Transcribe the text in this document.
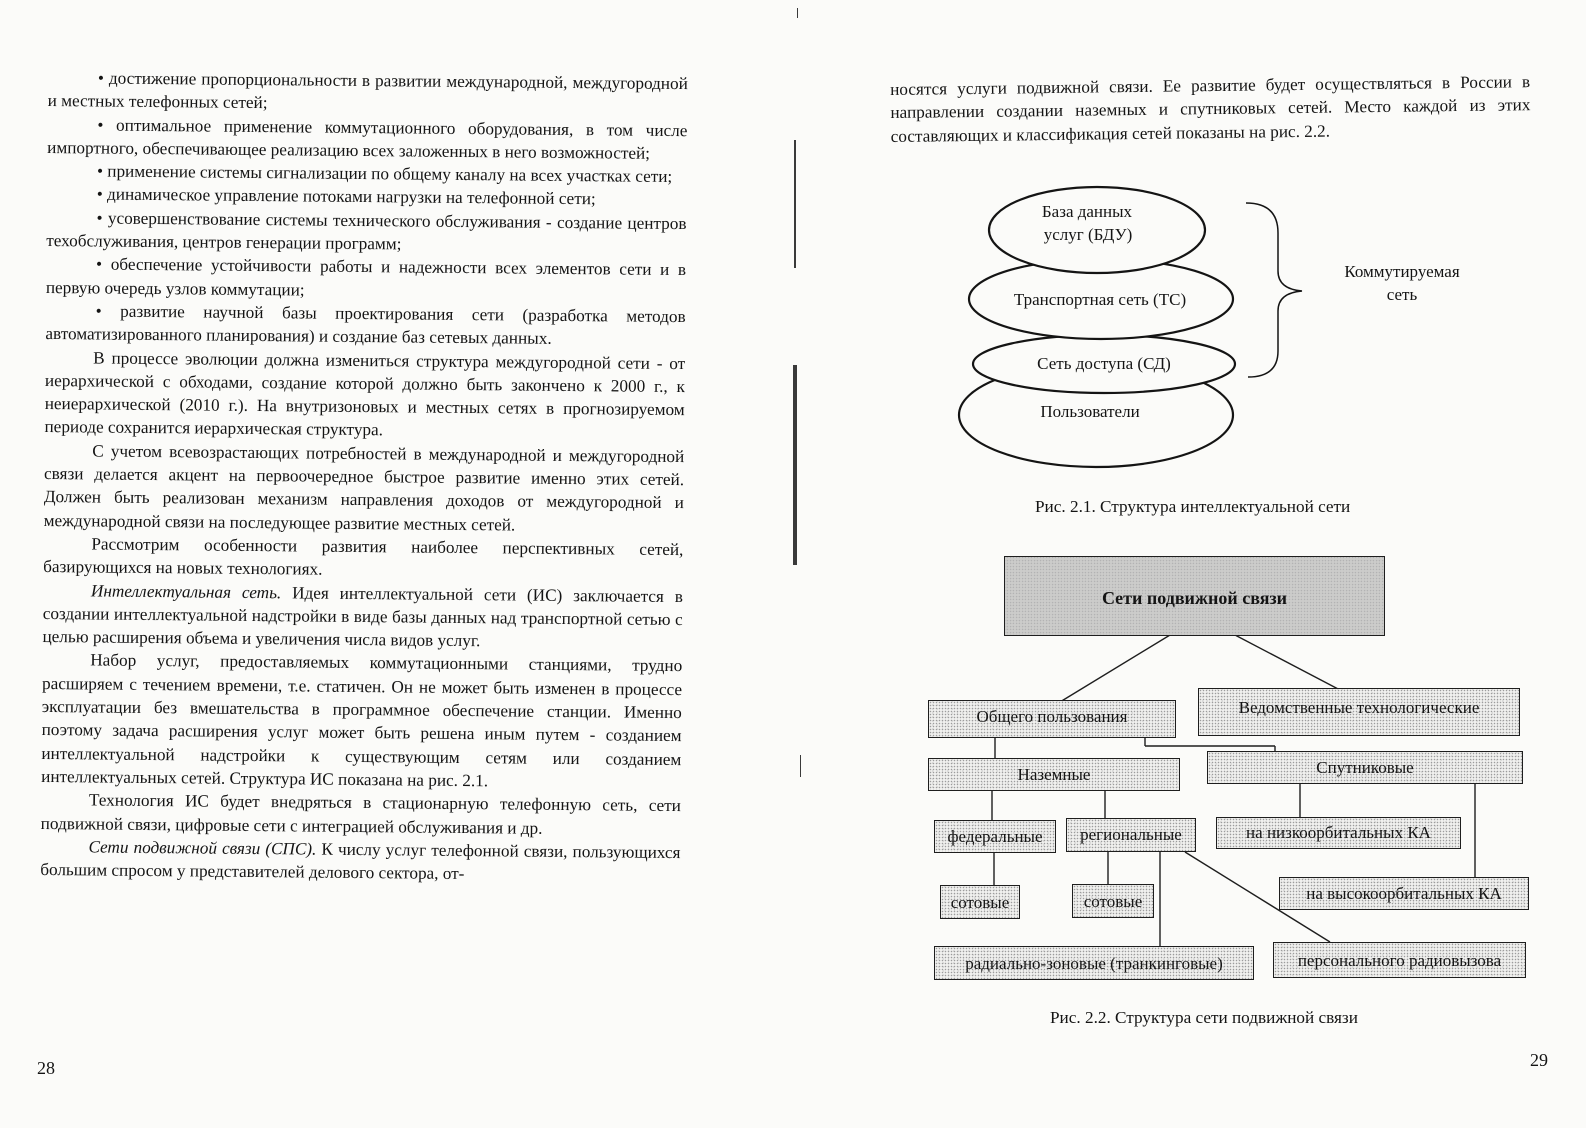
• достижение пропорциональности в развитии международной, междугородной и местных телефонных сетей;

• оптимальное применение коммутационного оборудования, в том числе импортного, обеспечивающее реализацию всех заложенных в него возможностей;

• применение системы сигнализации по общему каналу на всех участках сети;

• динамическое управление потоками нагрузки на телефонной сети;

• усовершенствование системы технического обслуживания - создание центров техобслуживания, центров генерации программ;

• обеспечение устойчивости работы и надежности всех элементов сети и в первую очередь узлов коммутации;

• развитие научной базы проектирования сети (разработка методов автоматизированного планирования) и создание баз сетевых данных.

В процессе эволюции должна измениться структура междугородной сети - от иерархической с обходами, создание которой должно быть закончено к 2000 г., к неиерархической (2010 г.). На внутризоновых и местных сетях в прогнозируемом периоде сохранится иерархическая структура.

С учетом всевозрастающих потребностей в международной и междугородной связи делается акцент на первоочередное быстрое развитие именно этих сетей. Должен быть реализован механизм направления доходов от междугородной и международной связи на последующее развитие местных сетей.

Рассмотрим особенности развития наиболее перспективных сетей, базирующихся на новых технологиях.

Интеллектуальная сеть. Идея интеллектуальной сети (ИС) заключается в создании интеллектуальной надстройки в виде базы данных над транспортной сетью с целью расширения объема и увеличения числа видов услуг.

Набор услуг, предоставляемых коммутационными станциями, трудно расширяем с течением времени, т.е. статичен. Он не может быть изменен в процессе эксплуатации без вмешательства в программное обеспечение станции. Именно поэтому задача расширения услуг может быть решена иным путем - созданием интеллектуальной надстройки к существующим сетям или созданием интеллектуальных сетей. Структура ИС показана на рис. 2.1.

Технология ИС будет внедряться в стационарную телефонную сеть, сети подвижной связи, цифровые сети с интеграцией обслуживания и др.

Сети подвижной связи (СПС). К числу услуг телефонной связи, пользующихся большим спросом у представителей делового сектора, от-

28

носятся услуги подвижной связи. Ее развитие будет осуществляться в России в направлении создании наземных и спутниковых сетей. Место каждой из этих составляющих и классификация сетей показаны на рис. 2.2.

База данных
услуг (БДУ)
Транспортная сеть (ТС)
Сеть доступа (СД)
Пользователи
Коммутируемая
сеть
Рис. 2.1. Структура интеллектуальной сети
Сети подвижной связи
Общего пользования	Ведомственные технологические
Наземные	Спутниковые
федеральные	региональные	на низкоорбитальных КА
на высокоорбитальных КА
сотовые	сотовые
радиально-зоновые (транкинговые)	персонального радиовызова
Рис. 2.2. Структура сети подвижной связи
29
